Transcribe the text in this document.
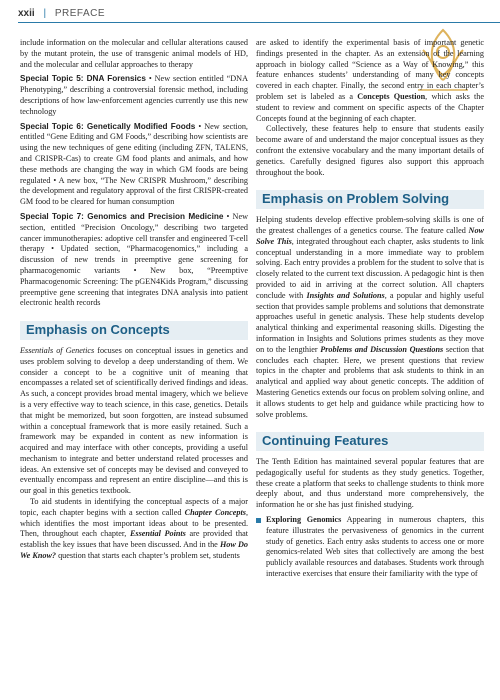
xxii | PREFACE

include information on the molecular and cellular alterations caused by the mutant protein, the use of transgenic animal models of HD, and the molecular and cellular approaches to therapy

Special Topic 5: DNA Forensics • New section entitled “DNA Phenotyping,” describing a controversial forensic method, including descriptions of how law-enforcement agencies currently use this new technology

Special Topic 6: Genetically Modified Foods • New section, entitled “Gene Editing and GM Foods,” describing how scientists are using the new techniques of gene editing (including ZFN, TALENS, and CRISPR-Cas) to create GM food plants and animals, and how these methods are changing the way in which GM foods are being regulated • A new box, “The New CRISPR Mushroom,” describing the development and regulatory approval of the first CRISPR-created GM food to be cleared for human consumption

Special Topic 7: Genomics and Precision Medicine • New section, entitled “Precision Oncology,” describing two targeted cancer immunotherapies: adoptive cell transfer and engineered T-cell therapy • Updated section, “Pharmacogenomics,” including a discussion of new trends in preemptive gene screening for pharmacogenomic variants • New box, “Preemptive Pharmacogenomic Screening: The pGEN4Kids Program,” discussing preemptive gene screening that integrates DNA analysis into patient electronic health records

Emphasis on Concepts

Essentials of Genetics focuses on conceptual issues in genetics and uses problem solving to develop a deep understanding of them. We consider a concept to be a cognitive unit of meaning that encompasses a related set of scientifically derived findings and ideas. As such, a concept provides broad mental imagery, which we believe is a very effective way to teach science, in this case, genetics. Details that might be memorized, but soon forgotten, are instead subsumed within a conceptual framework that is more easily retained. Such a framework may be expanded in content as new information is acquired and may interface with other concepts, providing a useful mechanism to integrate and better understand related processes and ideas. An extensive set of concepts may be devised and conveyed to eventually encompass and represent an entire discipline—and this is our goal in this genetics textbook.

To aid students in identifying the conceptual aspects of a major topic, each chapter begins with a section called Chapter Concepts, which identifies the most important ideas about to be presented. Then, throughout each chapter, Essential Points are provided that establish the key issues that have been discussed. And in the How Do We Know? question that starts each chapter’s problem set, students

are asked to identify the experimental basis of important genetic findings presented in the chapter. As an extension of the learning approach in biology called “Science as a Way of Knowing,” this feature enhances students’ understanding of many key concepts covered in each chapter. Finally, the second entry in each chapter’s problem set is labeled as a Concepts Question, which asks the student to review and comment on specific aspects of the Chapter Concepts found at the beginning of each chapter.

Collectively, these features help to ensure that students easily become aware of and understand the major conceptual issues as they confront the extensive vocabulary and the many important details of genetics. Carefully designed figures also support this approach throughout the book.

Emphasis on Problem Solving

Helping students develop effective problem-solving skills is one of the greatest challenges of a genetics course. The feature called Now Solve This, integrated throughout each chapter, asks students to link conceptual understanding in a more immediate way to problem solving. Each entry provides a problem for the student to solve that is closely related to the current text discussion. A pedagogic hint is then provided to aid in arriving at the correct solution. All chapters conclude with Insights and Solutions, a popular and highly useful section that provides sample problems and solutions that demonstrate approaches useful in genetic analysis. These help students develop analytical thinking and experimental reasoning skills. Digesting the information in Insights and Solutions primes students as they move on to the lengthier Problems and Discussion Questions section that concludes each chapter. Here, we present questions that review topics in the chapter and problems that ask students to think in an analytical and applied way about genetic concepts. The addition of Mastering Genetics extends our focus on problem solving online, and it allows students to get help and guidance while practicing how to solve problems.

Continuing Features

The Tenth Edition has maintained several popular features that are pedagogically useful for students as they study genetics. Together, these create a platform that seeks to challenge students to think more deeply about, and thus understand more comprehensively, the information he or she has just finished studying.

Exploring Genomics Appearing in numerous chapters, this feature illustrates the pervasiveness of genomics in the current study of genetics. Each entry asks students to access one or more genomics-related Web sites that collectively are among the best publicly available resources and databases. Students work through interactive exercises that ensure their familiarity with the type of
